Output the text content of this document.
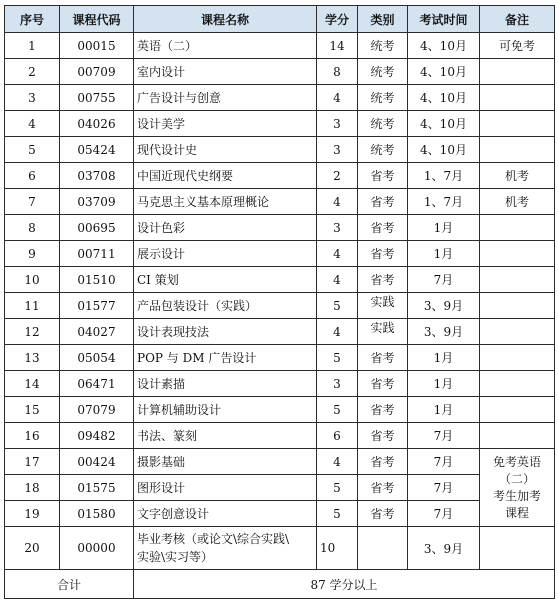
序号	课程代码	课程名称	学分	类别	考试时间	备注
1	00015	英语（二）	14	统考	4、10月	可免考
2	00709	室内设计	8	统考	4、10月	
3	00755	广告设计与创意	4	统考	4、10月	
4	04026	设计美学	3	统考	4、10月	
5	05424	现代设计史	3	统考	4、10月	
6	03708	中国近现代史纲要	2	省考	1、7月	机考
7	03709	马克思主义基本原理概论	4	省考	1、7月	机考
8	00695	设计色彩	3	省考	1月	
9	00711	展示设计	4	省考	1月	
10	01510	CI 策划	4	省考	7月	
11	01577	产品包装设计（实践）	5	实践	3、9月	
12	04027	设计表现技法	4	实践	3、9月	
13	05054	POP 与 DM 广告设计	5	省考	1月	
14	06471	设计素描	3	省考	1月	
15	07079	计算机辅助设计	5	省考	1月	
16	09482	书法、篆刻	6	省考	7月	
17	00424	摄影基础	4	省考	7月	免考英语
（二）
考生加考
课程

18	01575	图形设计	5	省考	7月	
19	01580	文字创意设计	5	省考	7月	
20	00000	毕业考核（或论文\综合实践\
实验\实习等）	10		3、9月	
合计		87 学分以上				
